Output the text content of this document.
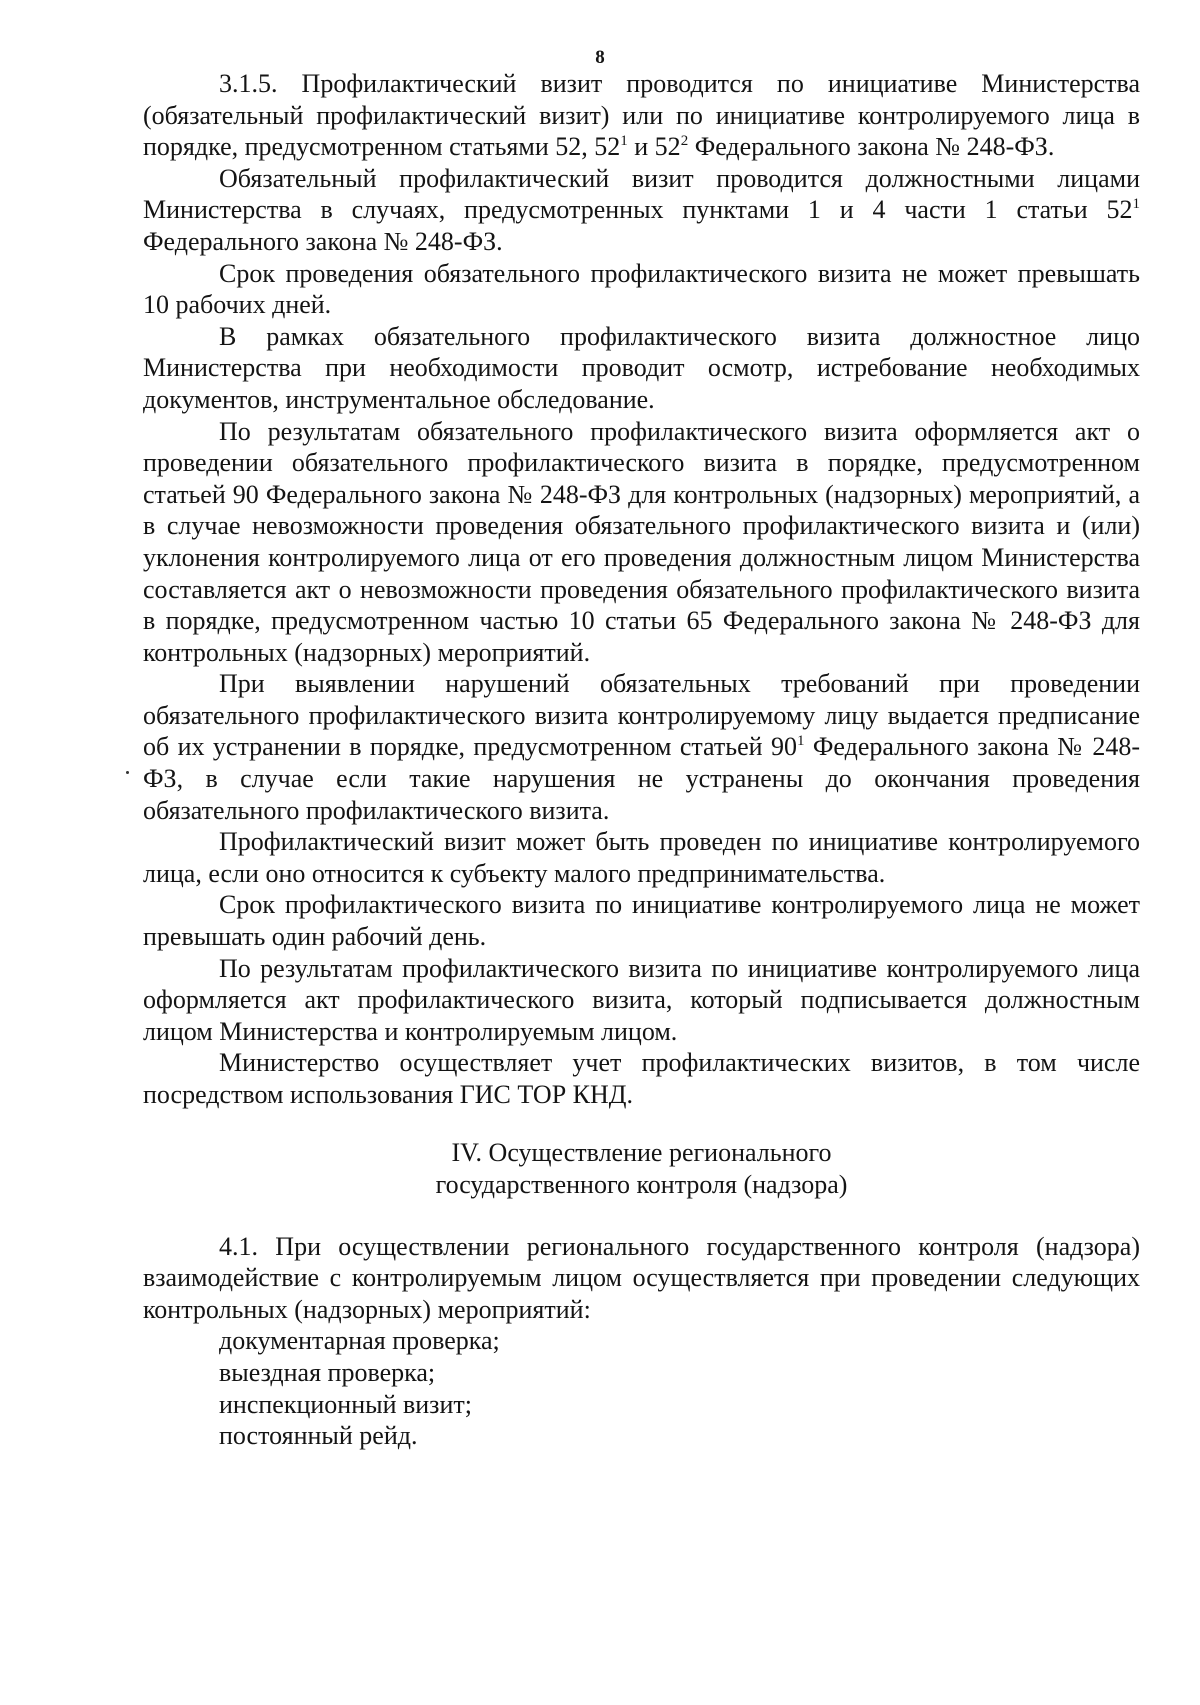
8

3.1.5. Профилактический визит проводится по инициативе Министерства (обязательный профилактический визит) или по инициативе контролируемого лица в порядке, предусмотренном статьями 52, $52^1$ и $52^2$ Федерального закона № 248-ФЗ.

Обязательный профилактический визит проводится должностными лицами Министерства в случаях, предусмотренных пунктами 1 и 4 части 1 статьи $52^1$ Федерального закона № 248-ФЗ.

Срок проведения обязательного профилактического визита не может превышать 10 рабочих дней.

В рамках обязательного профилактического визита должностное лицо Министерства при необходимости проводит осмотр, истребование необходимых документов, инструментальное обследование.

По результатам обязательного профилактического визита оформляется акт о проведении обязательного профилактического визита в порядке, предусмотренном статьей 90 Федерального закона № 248-ФЗ для контрольных (надзорных) мероприятий, а в случае невозможности проведения обязательного профилактического визита и (или) уклонения контролируемого лица от его проведения должностным лицом Министерства составляется акт о невозможности проведения обязательного профилактического визита в порядке, предусмотренном частью 10 статьи 65 Федерального закона № 248-ФЗ для контрольных (надзорных) мероприятий.

При выявлении нарушений обязательных требований при проведении обязательного профилактического визита контролируемому лицу выдается предписание об их устранении в порядке, предусмотренном статьей $90^1$ Федерального закона № 248-ФЗ, в случае если такие нарушения не устранены до окончания проведения обязательного профилактического визита.

Профилактический визит может быть проведен по инициативе контролируемого лица, если оно относится к субъекту малого предпринимательства.

Срок профилактического визита по инициативе контролируемого лица не может превышать один рабочий день.

По результатам профилактического визита по инициативе контролируемого лица оформляется акт профилактического визита, который подписывается должностным лицом Министерства и контролируемым лицом.

Министерство осуществляет учет профилактических визитов, в том числе посредством использования ГИС ТОР КНД.

IV. Осуществление регионального
государственного контроля (надзора)

4.1. При осуществлении регионального государственного контроля (надзора) взаимодействие с контролируемым лицом осуществляется при проведении следующих контрольных (надзорных) мероприятий:

документарная проверка;
выездная проверка;
инспекционный визит;
постоянный рейд.
